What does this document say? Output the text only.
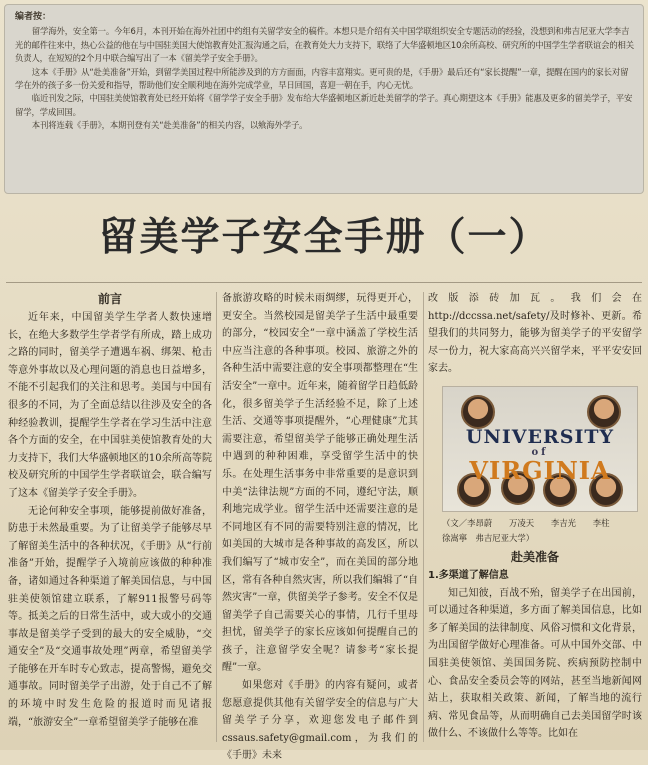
编者按：

留学海外，安全第一。今年6月，本刊开始在海外社团中约组有关留学安全的稿件。本想只是介绍有关中国学联组织安全专题活动的经验，没想到和弗吉尼亚大学李吉光的邮件往来中，热心公益的他在与中国驻美国大使馆教育处汇报沟通之后，在教育处大力支持下，联络了大华盛顿地区10余所高校、研究所的中国学生学者联谊会的相关负责人，在短短的2个月中联合编写出了一本《留美学子安全手册》。

这本《手册》从“赴美准备”开始，到留学美国过程中所能涉及到的方方面面，内容丰富翔实。更可贵的是，《手册》最后还有“家长提醒”一章，提醒在国内的家长对留学在外的孩子多一份关爱和指导，帮助他们安全顺利地在海外完成学业，早日回国，喜迎一朝在手，内心无忧。

临近刊发之际，中国驻美使馆教育处已经开始将《留学学子安全手册》发布给大华盛顿地区新近赴美留学的学子。真心期望这本《手册》能惠及更多的留美学子，平安留学，学成回国。

本刊将连载《手册》，本期刊登有关“赴美准备”的相关内容，以飨海外学子。

留美学子安全手册（一）
前言

近年来，中国留美学生学者人数快速增长，在绝大多数学生学者学有所成，踏上成功之路的同时，留美学子遭遇车祸、绑架、枪击等意外事故以及心理问题的消息也日益增多，不能不引起我们的关注和思考。美国与中国有很多的不同，为了全面总结以往涉及安全的各种经验教训，提醒学生学者在学习生活中注意各个方面的安全，在中国驻美使馆教育处的大力支持下，我们大华盛顿地区的10余所高等院校及研究所的中国学生学者联谊会，联合编写了这本《留美学子安全手册》。

无论何种安全事项，能够提前做好准备，防患于未然最重要。为了让留美学子能够尽早了解留美生活中的各种状况，《手册》从“行前准备”开始，提醒学子入境前应该做的种种准备，诸如通过各种渠道了解美国信息，与中国驻美使领馆建立联系，了解911报警号码等等。抵美之后的日常生活中，或大或小的交通事故是留美学子受到的最大的安全威胁，“交通安全”及“交通事故处理”两章，希望留美学子能够在开车时专心致志，提高警惕，避免交通事故。同时留美学子出游，处于自己不了解的环境中时发生危险的报道时而见诸报端，“旅游安全”一章希望留美学子能够在准

备旅游攻略的时候未雨绸缪，玩得更开心，更安全。当然校园是留美学子生活中最重要的部分，“校园安全”一章中涵盖了学校生活中应当注意的各种事项。校园、旅游之外的各种生活中需要注意的安全事项都整理在“生活安全”一章中。近年来，随着留学日趋低龄化，很多留美学子生活经验不足，除了上述生活、交通等事项提醒外，“心理健康”尤其需要注意，希望留美学子能够正确处理生活中遇到的种种困难，享受留学生活中的快乐。在处理生活事务中非常重要的是意识到中美“法律法规”方面的不同，遵纪守法，顺利地完成学业。留学生活中还需要注意的是不同地区有不同的需要特别注意的情况，比如美国的大城市是各种事故的高发区，所以我们编写了“城市安全”，而在美国的部分地区，常有各种自然灾害，所以我们编辑了“自然灾害”一章，供留美学子参考。安全不仅是留美学子自己需要关心的事情，几行千里母担忧，留美学子的家长应该如何提醒自己的孩子，注意留学安全呢？请参考“家长提醒”一章。

如果您对《手册》的内容有疑问，或者您愿意提供其他有关留学安全的信息与广大留美学子分享，欢迎您发电子邮件到cssaus.safety@gmail.com，为我们的《手册》未来

改版添砖加瓦。我们会在http://dccssa.net/safety/及时修补、更新。希望我们的共同努力，能够为留美学子的平安留学尽一份力，祝大家高高兴兴留学来，平平安安回家去。

UNIVERSITY
of
VIRGINIA
（文／李昂蔚　　万凌天　　李吉光　　李柱
徐嵩寧　弗吉尼亚大学）
赴美准备
1.多渠道了解信息

知己知彼，百战不殆，留美学子在出国前，可以通过各种渠道，多方面了解美国信息，比如多了解美国的法律制度、风俗习惯和文化背景，为出国留学做好心理准备。可从中国外交部、中国驻美使领馆、美国国务院、疾病预防控制中心、食品安全委员会等的网站，甚至当地新闻网站上，获取相关政策、新闻，了解当地的流行病、常见食品等，从而明确自己去美国留学时该做什么、不该做什么等等。比如在
